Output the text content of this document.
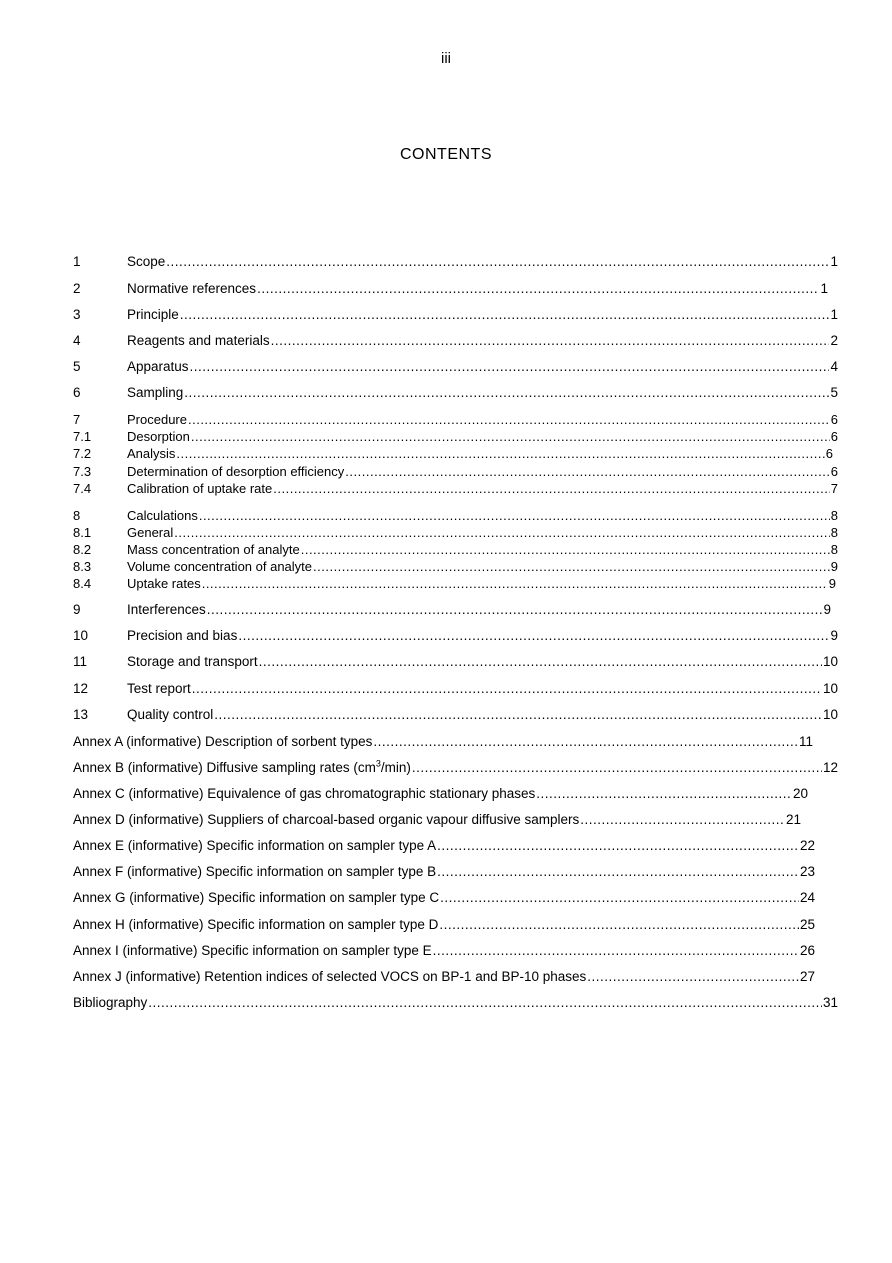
iii
CONTENTS
1	Scope .....	1
2	Normative references .....	1
3	Principle .....	1
4	Reagents and materials .....	2
5	Apparatus .....	4
6	Sampling .....	5
7	Procedure .....	6
7.1	Desorption .....	6
7.2	Analysis .....	6
7.3	Determination of desorption efficiency .....	6
7.4	Calibration of uptake rate .....	7
8	Calculations .....	8
8.1	General .....	8
8.2	Mass concentration of analyte .....	8
8.3	Volume concentration of analyte .....	9
8.4	Uptake rates .....	9
9	Interferences .....	9
10	Precision and bias .....	9
11	Storage and transport .....	10
12	Test report .....	10
13	Quality control .....	10
Annex A (informative) Description of sorbent types .....	11
Annex B (informative) Diffusive sampling rates $(cm^3/\min)$ .....	12
Annex C (informative) Equivalence of gas chromatographic stationary phases .....	20
Annex D (informative) Suppliers of charcoal-based organic vapour diffusive samplers .....	21
Annex E (informative) Specific information on sampler type A .....	22
Annex F (informative) Specific information on sampler type B .....	23
Annex G (informative) Specific information on sampler type C .....	24
Annex H (informative) Specific information on sampler type D .....	25
Annex I (informative) Specific information on sampler type E .....	26
Annex J (informative) Retention indices of selected VOCS on BP-1 and BP-10 phases .....	27
Bibliography .....	31
